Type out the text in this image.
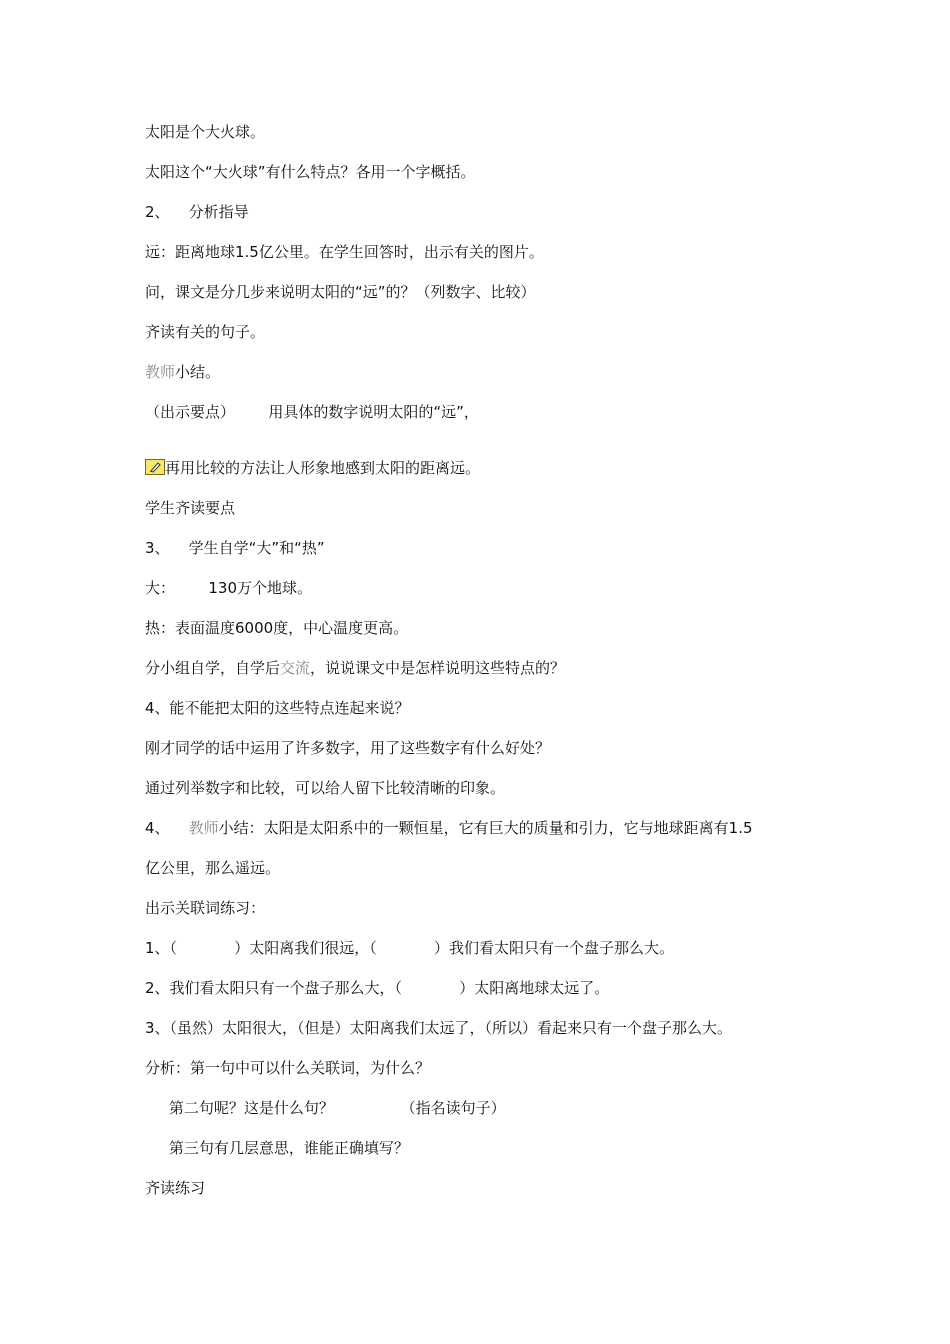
太阳是个大火球。
太阳这个“大火球”有什么特点？各用一个字概括。
2、    分析指导
远：距离地球1.5亿公里。在学生回答时，出示有关的图片。
问，课文是分几步来说明太阳的“远”的？（列数字、比较）
齐读有关的句子。
教师小结。
（出示要点）       用具体的数字说明太阳的“远”，
再用比较的方法让人形象地感到太阳的距离远。
学生齐读要点
3、    学生自学“大”和“热”
大：       130万个地球。
热：表面温度6000度，中心温度更高。
分小组自学，自学后交流，说说课文中是怎样说明这些特点的？
4、能不能把太阳的这些特点连起来说？
刚才同学的话中运用了许多数字，用了这些数字有什么好处？
通过列举数字和比较，可以给人留下比较清晰的印象。
4、    教师小结：太阳是太阳系中的一颗恒星，它有巨大的质量和引力，它与地球距离有1.5
亿公里，那么遥远。
出示关联词练习：
1、（            ）太阳离我们很远，（            ）我们看太阳只有一个盘子那么大。
2、我们看太阳只有一个盘子那么大，（            ）太阳离地球太远了。
3、（虽然）太阳很大，（但是）太阳离我们太远了，（所以）看起来只有一个盘子那么大。
分析：第一句中可以什么关联词，为什么？
第二句呢？这是什么句？              （指名读句子）
第三句有几层意思，谁能正确填写？
齐读练习
